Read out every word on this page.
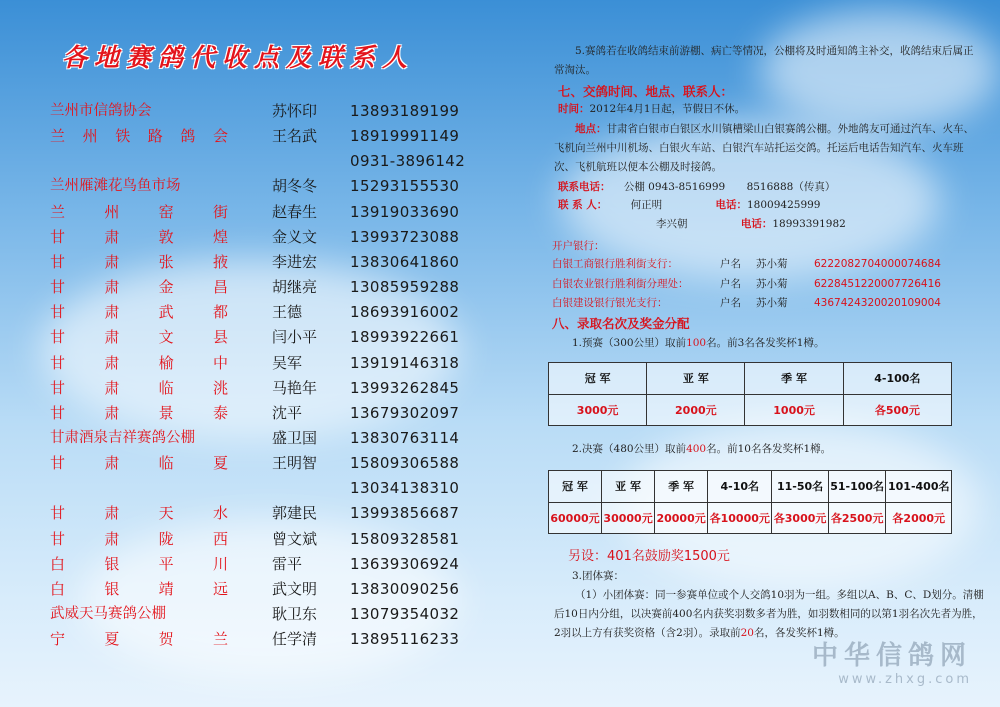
各地赛鸽代收点及联系人
兰州市信鸽协会	苏怀印 13893189199
兰 州 铁 路 鸽 会	王名武 18919991149
0931-3896142
兰州雁滩花鸟鱼市场	胡冬冬 15293155530
兰	州	窑	街	赵春生 13919033690
甘	肃	敦	煌	金义文 13993723088
甘	肃	张	掖	李进宏 13830641860
甘	肃	金	昌	胡继亮 13085959288
甘	肃	武	都	王德	18693916002
甘	肃	文	县	闫小平 18993922661
甘	肃	榆	中	吴军	13919146318
甘	肃	临	洮	马艳年 13993262845
甘	肃	景	泰	沈平	13679302097
甘肃酒泉吉祥赛鸽公棚	盛卫国 13830763114
甘	肃	临	夏	王明智 15809306588
13034138310
甘	肃	天	水	郭建民 13993856687
甘	肃	陇	西	曾文斌 15809328581
白	银	平	川	雷平	13639306924
白	银	靖	远	武文明 13830090256
武威天马赛鸽公棚	耿卫东 13079354032
宁	夏	贺	兰	任学清 13895116233
5.赛鸽若在收鸽结束前游棚、病亡等情况，公棚将及时通知鸽主补交，收鸽结束后属正常淘汰。
七、交鸽时间、地点、联系人：
时间：2012年4月1日起，节假日不休。
地点：甘肃省白银市白银区水川镇槽梁山白银赛鸽公棚。外地鸽友可通过汽车、火车、飞机向兰州中川机场、白银火车站、白银汽车站托运交鸽。托运后电话告知汽车、火车班次、飞机航班以便本公棚及时接鸽。
联系电话： 公棚 0943-8516999 8516888（传真）
联 系 人： 何正明	电话：18009425999
李兴朝	电话：18993391982
开户银行：
白银工商银行胜利街支行：	户名 苏小菊	6222082704000074684
白银农业银行胜利街分理处：	户名 苏小菊	6228451220007726416
白银建设银行银光支行：	户名 苏小菊	4367424320020109004
八、录取名次及奖金分配
1.预赛（300公里）取前100名。前3名各发奖杯1樽。
冠 军	亚 军	季 军	4-100名
3000元	2000元	1000元	各500元
2.决赛（480公里）取前400名。前10名各发奖杯1樽。
冠 军	亚 军	季 军	4-10名	11-50名	51-100名	101-400名
60000元	30000元	20000元	各10000元	各3000元	各2500元	各2000元
另设：401名鼓励奖1500元
3.团体赛：
（1）小团体赛：同一参赛单位或个人交鸽10羽为一组。多组以A、B、C、D划分。清棚后10日内分组，以决赛前400名内获奖羽数多者为胜，如羽数相同的以第1羽名次先者为胜，2羽以上方有获奖资格（含2羽）。录取前20名，各发奖杯1樽。
中华信鸽网
www.zhxg.com
